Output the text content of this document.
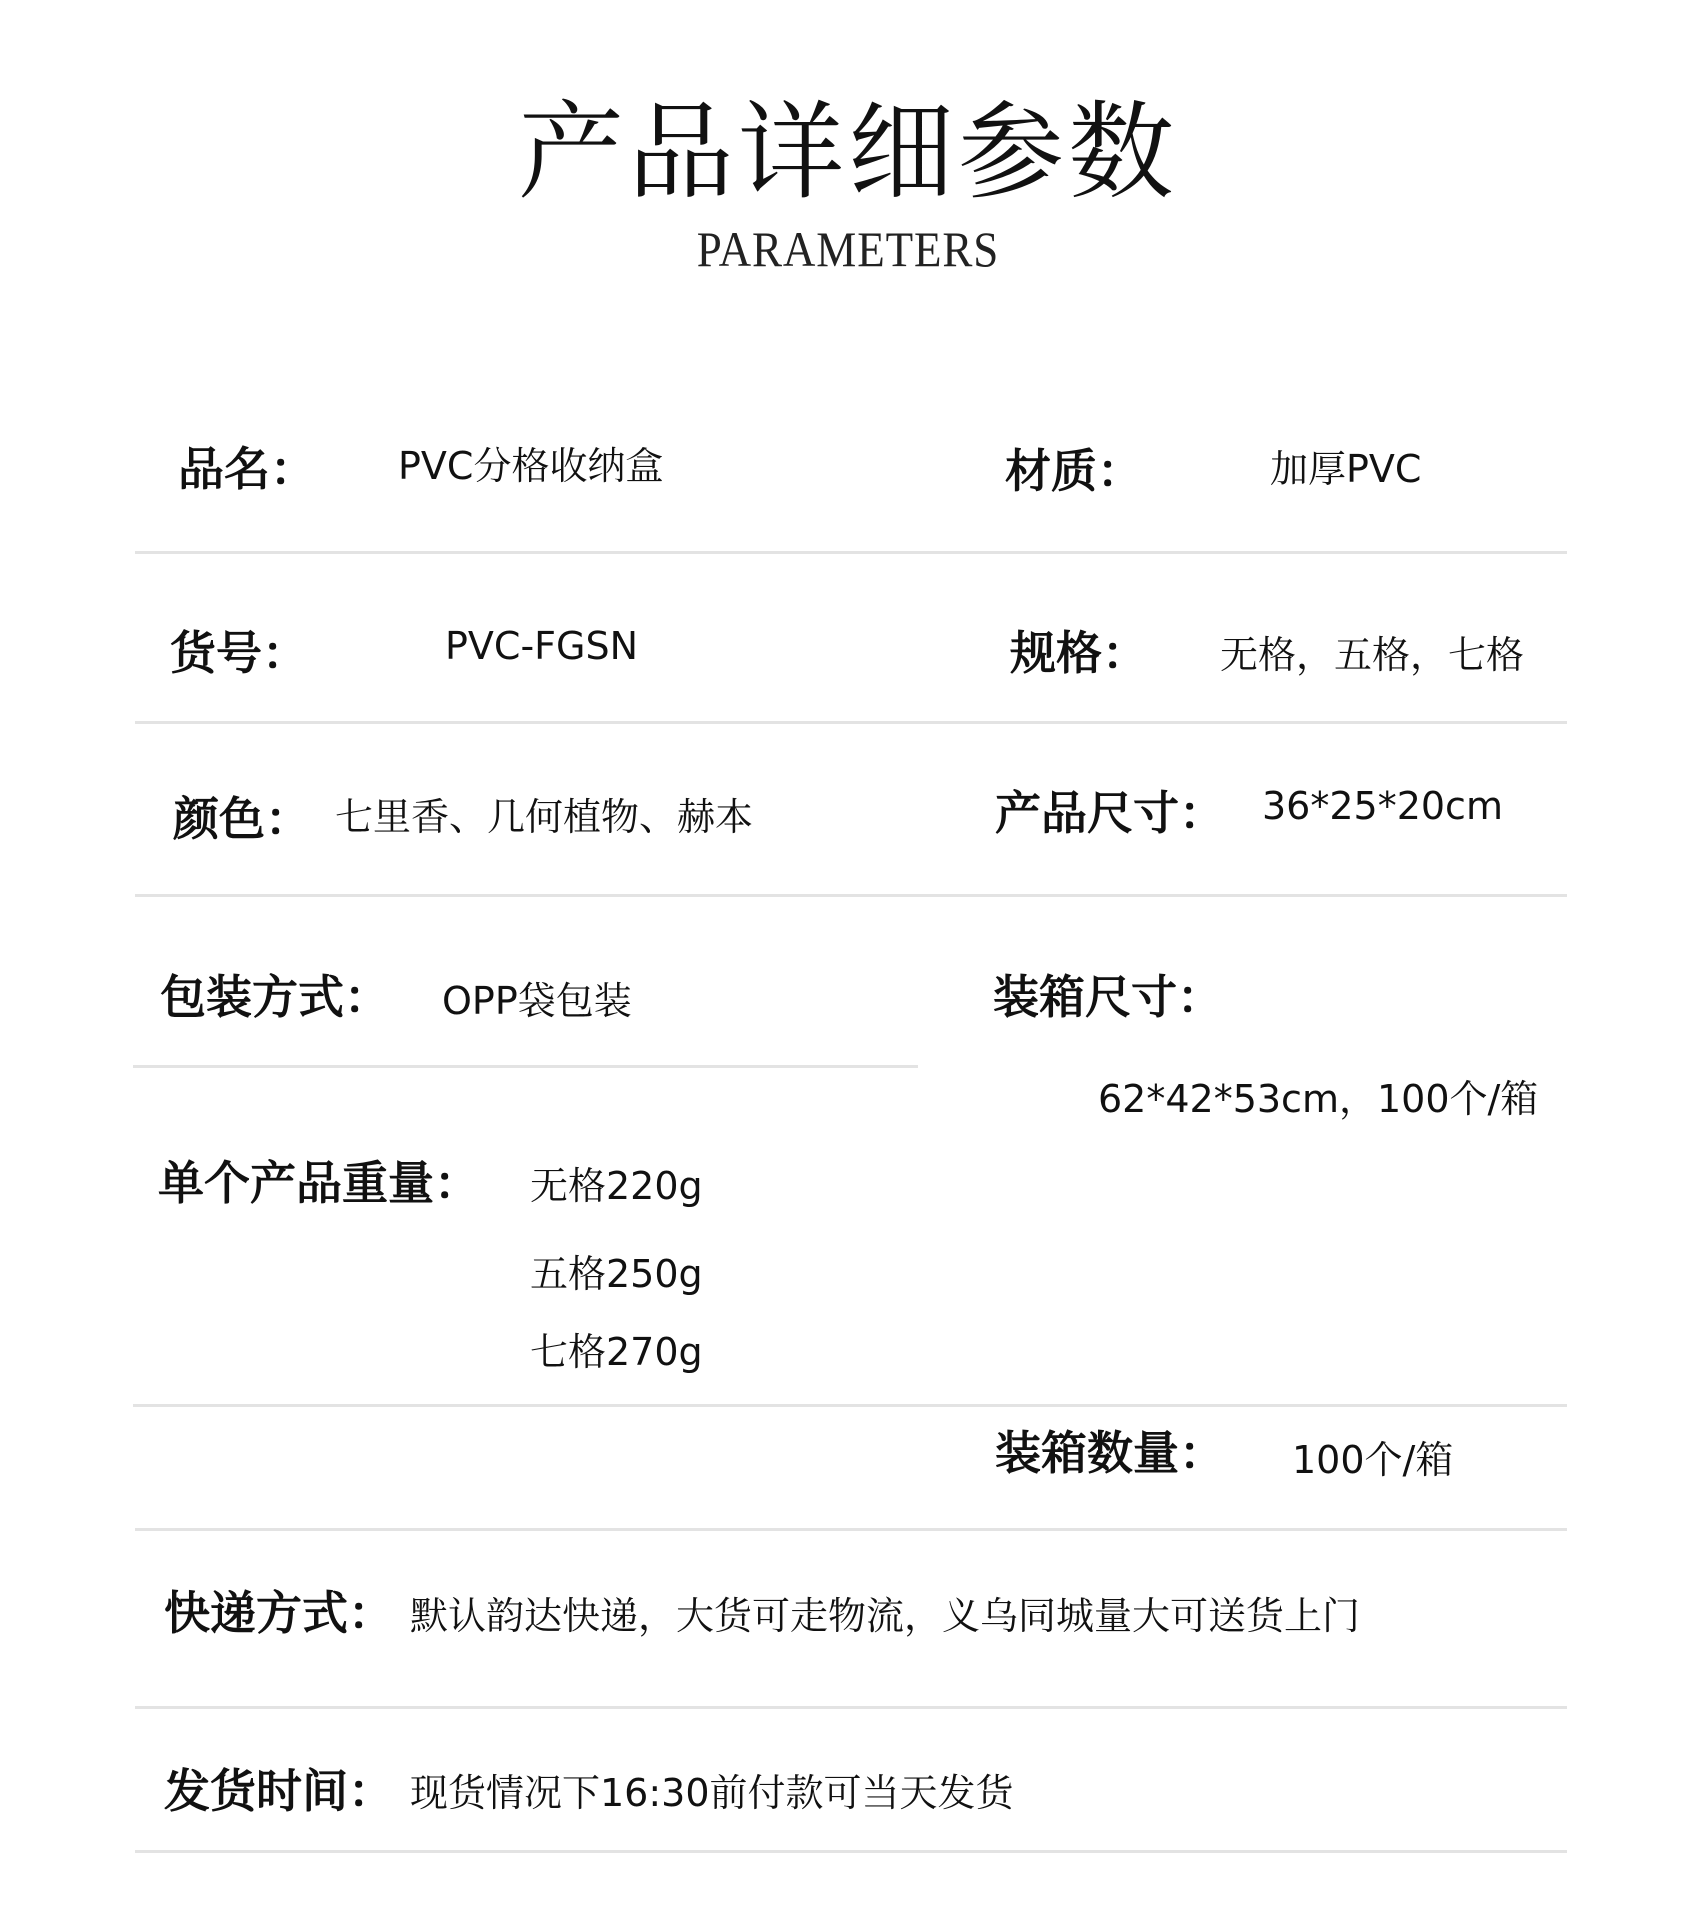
产品详细参数
PARAMETERS
品名： PVC分格收纳盒	材质：	加厚PVC
货号：	PVC-FGSN	规格： 无格，五格，七格
颜色： 七里香、几何植物、赫本	产品尺寸： 36*25*20cm
包装方式： OPP袋包装	装箱尺寸：
62*42*53cm，100个/箱
单个产品重量： 无格220g
五格250g
七格270g
装箱数量： 100个/箱
快递方式： 默认韵达快递，大货可走物流，义乌同城量大可送货上门
发货时间： 现货情况下16:30前付款可当天发货
